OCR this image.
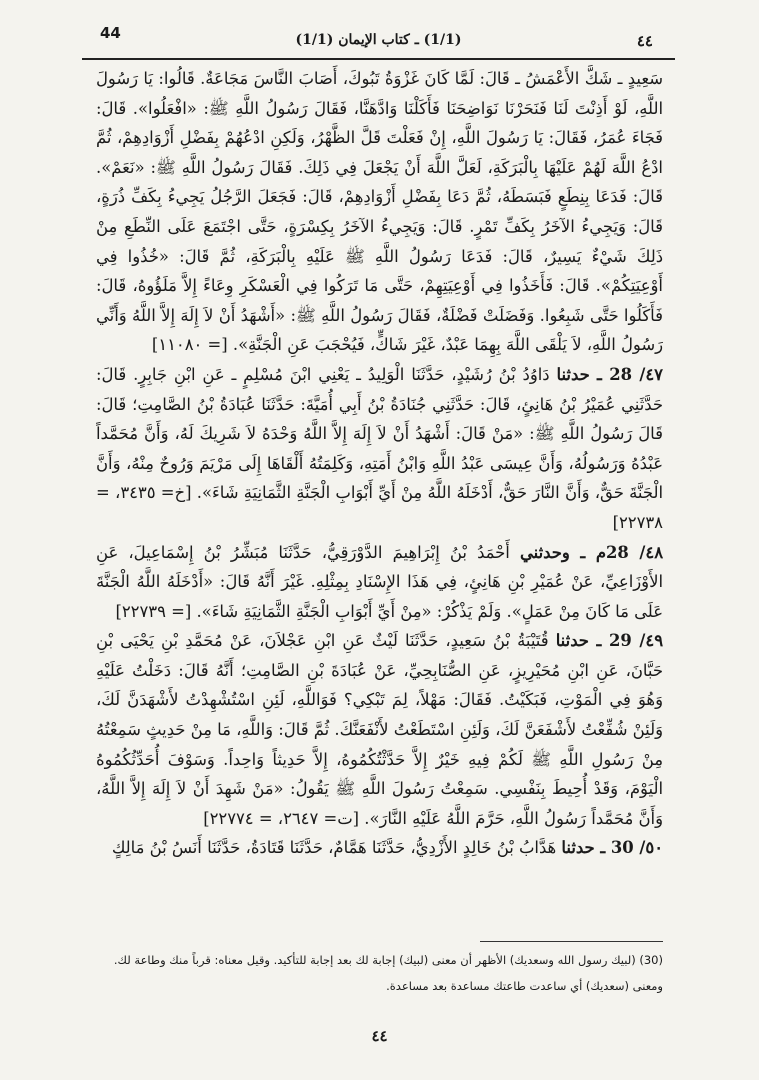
44	(1/1) ـ كتاب الإيمان (1/1)	٤٤

سَعِيدٍ ـ شَكَّ الأَعْمَشُ ـ قَالَ: لَمَّا كَانَ غَزْوَةُ تَبُوكَ، أَصَابَ النَّاسَ مَجَاعَةٌ. قَالُوا: يَا رَسُولَ اللَّهِ، لَوْ أَذِنْتَ لَنَا فَنَحَرْنَا نَوَاضِحَنَا فَأَكَلْنَا وَادَّهَنَّا، فَقَالَ رَسُولُ اللَّهِ ﷺ: «افْعَلُوا». قَالَ: فَجَاءَ عُمَرُ، فَقَالَ: يَا رَسُولَ اللَّهِ، إِنْ فَعَلْتَ قَلَّ الظَّهْرُ، وَلَكِنِ ادْعُهُمْ بِفَضْلِ أَزْوَادِهِمْ، ثُمَّ ادْعُ اللَّهَ لَهُمْ عَلَيْهَا بِالْبَرَكَةِ، لَعَلَّ اللَّهَ أَنْ يَجْعَلَ فِي ذَلِكَ. فَقَالَ رَسُولُ اللَّهِ ﷺ: «نَعَمْ». قَالَ: فَدَعَا بِنِطَعٍ فَبَسَطَهُ، ثُمَّ دَعَا بِفَضْلِ أَزْوَادِهِمْ، قَالَ: فَجَعَلَ الرَّجُلُ يَجِيءُ بِكَفِّ ذُرَةٍ، قَالَ: وَيَجِيءُ الآخَرُ بِكَفِّ تَمْرٍ. قَالَ: وَيَجِيءُ الآخَرُ بِكِسْرَةٍ، حَتَّى اجْتَمَعَ عَلَى النِّطَعِ مِنْ ذَلِكَ شَيْءٌ يَسِيرٌ، قَالَ: فَدَعَا رَسُولُ اللَّهِ ﷺ عَلَيْهِ بِالْبَرَكَةِ، ثُمَّ قَالَ: «خُذُوا فِي أَوْعِيَتِكُمْ». قَالَ: فَأَخَذُوا فِي أَوْعِيَتِهِمْ، حَتَّى مَا تَرَكُوا فِي الْعَسْكَرِ وِعَاءً إِلاَّ مَلَؤُوهُ، قَالَ: فَأَكَلُوا حَتَّى شَبِعُوا. وَفَضَلَتْ فَضْلَةٌ، فَقَالَ رَسُولُ اللَّهِ ﷺ: «أَشْهَدُ أَنْ لاَ إِلَهَ إِلاَّ اللَّهُ وَأَنِّي رَسُولُ اللَّهِ، لاَ يَلْقَى اللَّهَ بِهِمَا عَبْدٌ، غَيْرَ شَاكٍّ، فَيُحْجَبَ عَنِ الْجَنَّةِ». [= ١١٠٨٠]

٤٧/ 28 ـ حدثنا دَاوُدُ بْنُ رُشَيْدٍ، حَدَّثَنَا الْوَلِيدُ ـ يَعْنِي ابْنَ مُسْلِمٍ ـ عَنِ ابْنِ جَابِرٍ. قَالَ: حَدَّثَنِي عُمَيْرُ بْنُ هَانِئٍ، قَالَ: حَدَّثَنِي جُنَادَةُ بْنُ أَبِي أُمَيَّةَ: حَدَّثَنَا عُبَادَةُ بْنُ الصَّامِتِ؛ قَالَ: قَالَ رَسُولُ اللَّهِ ﷺ: «مَنْ قَالَ: أَشْهَدُ أَنْ لاَ إِلَهَ إِلاَّ اللَّهُ وَحْدَهُ لاَ شَرِيكَ لَهُ، وَأَنَّ مُحَمَّداً عَبْدُهُ وَرَسُولُهُ، وَأَنَّ عِيسَى عَبْدُ اللَّهِ وَابْنُ أَمَتِهِ، وَكَلِمَتُهُ أَلْقَاهَا إِلَى مَرْيَمَ وَرُوحٌ مِنْهُ، وَأَنَّ الْجَنَّةَ حَقٌّ، وَأَنَّ النَّارَ حَقٌّ، أَدْخَلَهُ اللَّهُ مِنْ أَيِّ أَبْوَابِ الْجَنَّةِ الثَّمَانِيَةِ شَاءَ». [خ= ٣٤٣٥، = ٢٢٧٣٨]

٤٨/ 28م ـ وحدثني أَحْمَدُ بْنُ إِبْرَاهِيمَ الدَّوْرَقِيُّ، حَدَّثَنَا مُبَشِّرُ بْنُ إِسْمَاعِيلَ، عَنِ الأَوْزَاعِيِّ، عَنْ عُمَيْرِ بْنِ هَانِئٍ، فِي هَذَا الإِسْنَادِ بِمِثْلِهِ. غَيْرَ أَنَّهُ قَالَ: «أَدْخَلَهُ اللَّهُ الْجَنَّةَ عَلَى مَا كَانَ مِنْ عَمَلٍ». وَلَمْ يَذْكُرْ: «مِنْ أَيِّ أَبْوَابِ الْجَنَّةِ الثَّمَانِيَةِ شَاءَ». [= ٢٢٧٣٩]

٤٩/ 29 ـ حدثنا قُتَيْبَةُ بْنُ سَعِيدٍ، حَدَّثَنَا لَيْثٌ عَنِ ابْنِ عَجْلاَنَ، عَنْ مُحَمَّدِ بْنِ يَحْيَى بْنِ حَبَّانَ، عَنِ ابْنِ مُحَيْرِيزٍ، عَنِ الصُّنَابِحِيِّ، عَنْ عُبَادَةَ بْنِ الصَّامِتِ؛ أَنَّهُ قَالَ: دَخَلْتُ عَلَيْهِ وَهُوَ فِي الْمَوْتِ، فَبَكَيْتُ. فَقَالَ: مَهْلاً، لِمَ تَبْكِي؟ فَوَاللَّهِ، لَئِنِ اسْتُشْهِدْتُ لأَشْهَدَنَّ لَكَ، وَلَئِنْ شُفِّعْتُ لأَشْفَعَنَّ لَكَ، وَلَئِنِ اسْتَطَعْتُ لأَنْفَعَنَّكَ. ثُمَّ قَالَ: وَاللَّهِ، مَا مِنْ حَدِيثٍ سَمِعْتُهُ مِنْ رَسُولِ اللَّهِ ﷺ لَكُمْ فِيهِ خَيْرٌ إِلاَّ حَدَّثْتُكُمُوهُ، إِلاَّ حَدِيثاً وَاحِداً. وَسَوْفَ أُحَدِّثُكُمُوهُ الْيَوْمَ، وَقَدْ أُحِيطَ بِنَفْسِي. سَمِعْتُ رَسُولَ اللَّهِ ﷺ يَقُولُ: «مَنْ شَهِدَ أَنْ لاَ إِلَهَ إِلاَّ اللَّهُ، وَأَنَّ مُحَمَّداً رَسُولُ اللَّهِ، حَرَّمَ اللَّهُ عَلَيْهِ النَّارَ». [ت= ٢٦٤٧، = ٢٢٧٧٤]

٥٠/ 30 ـ حدثنا هَدَّابُ بْنُ خَالِدٍ الأَزْدِيُّ، حَدَّثَنَا هَمَّامٌ، حَدَّثَنَا قَتَادَةُ، حَدَّثَنَا أَنَسُ بْنُ مَالِكٍ

(30) (لبيك رسول الله وسعديك) الأظهر أن معنى (لبيك) إجابة لك بعد إجابة للتأكيد. وقيل معناه: قرباً منك وطاعة لك.

ومعنى (سعديك) أي ساعدت طاعتك مساعدة بعد مساعدة.

٤٤
